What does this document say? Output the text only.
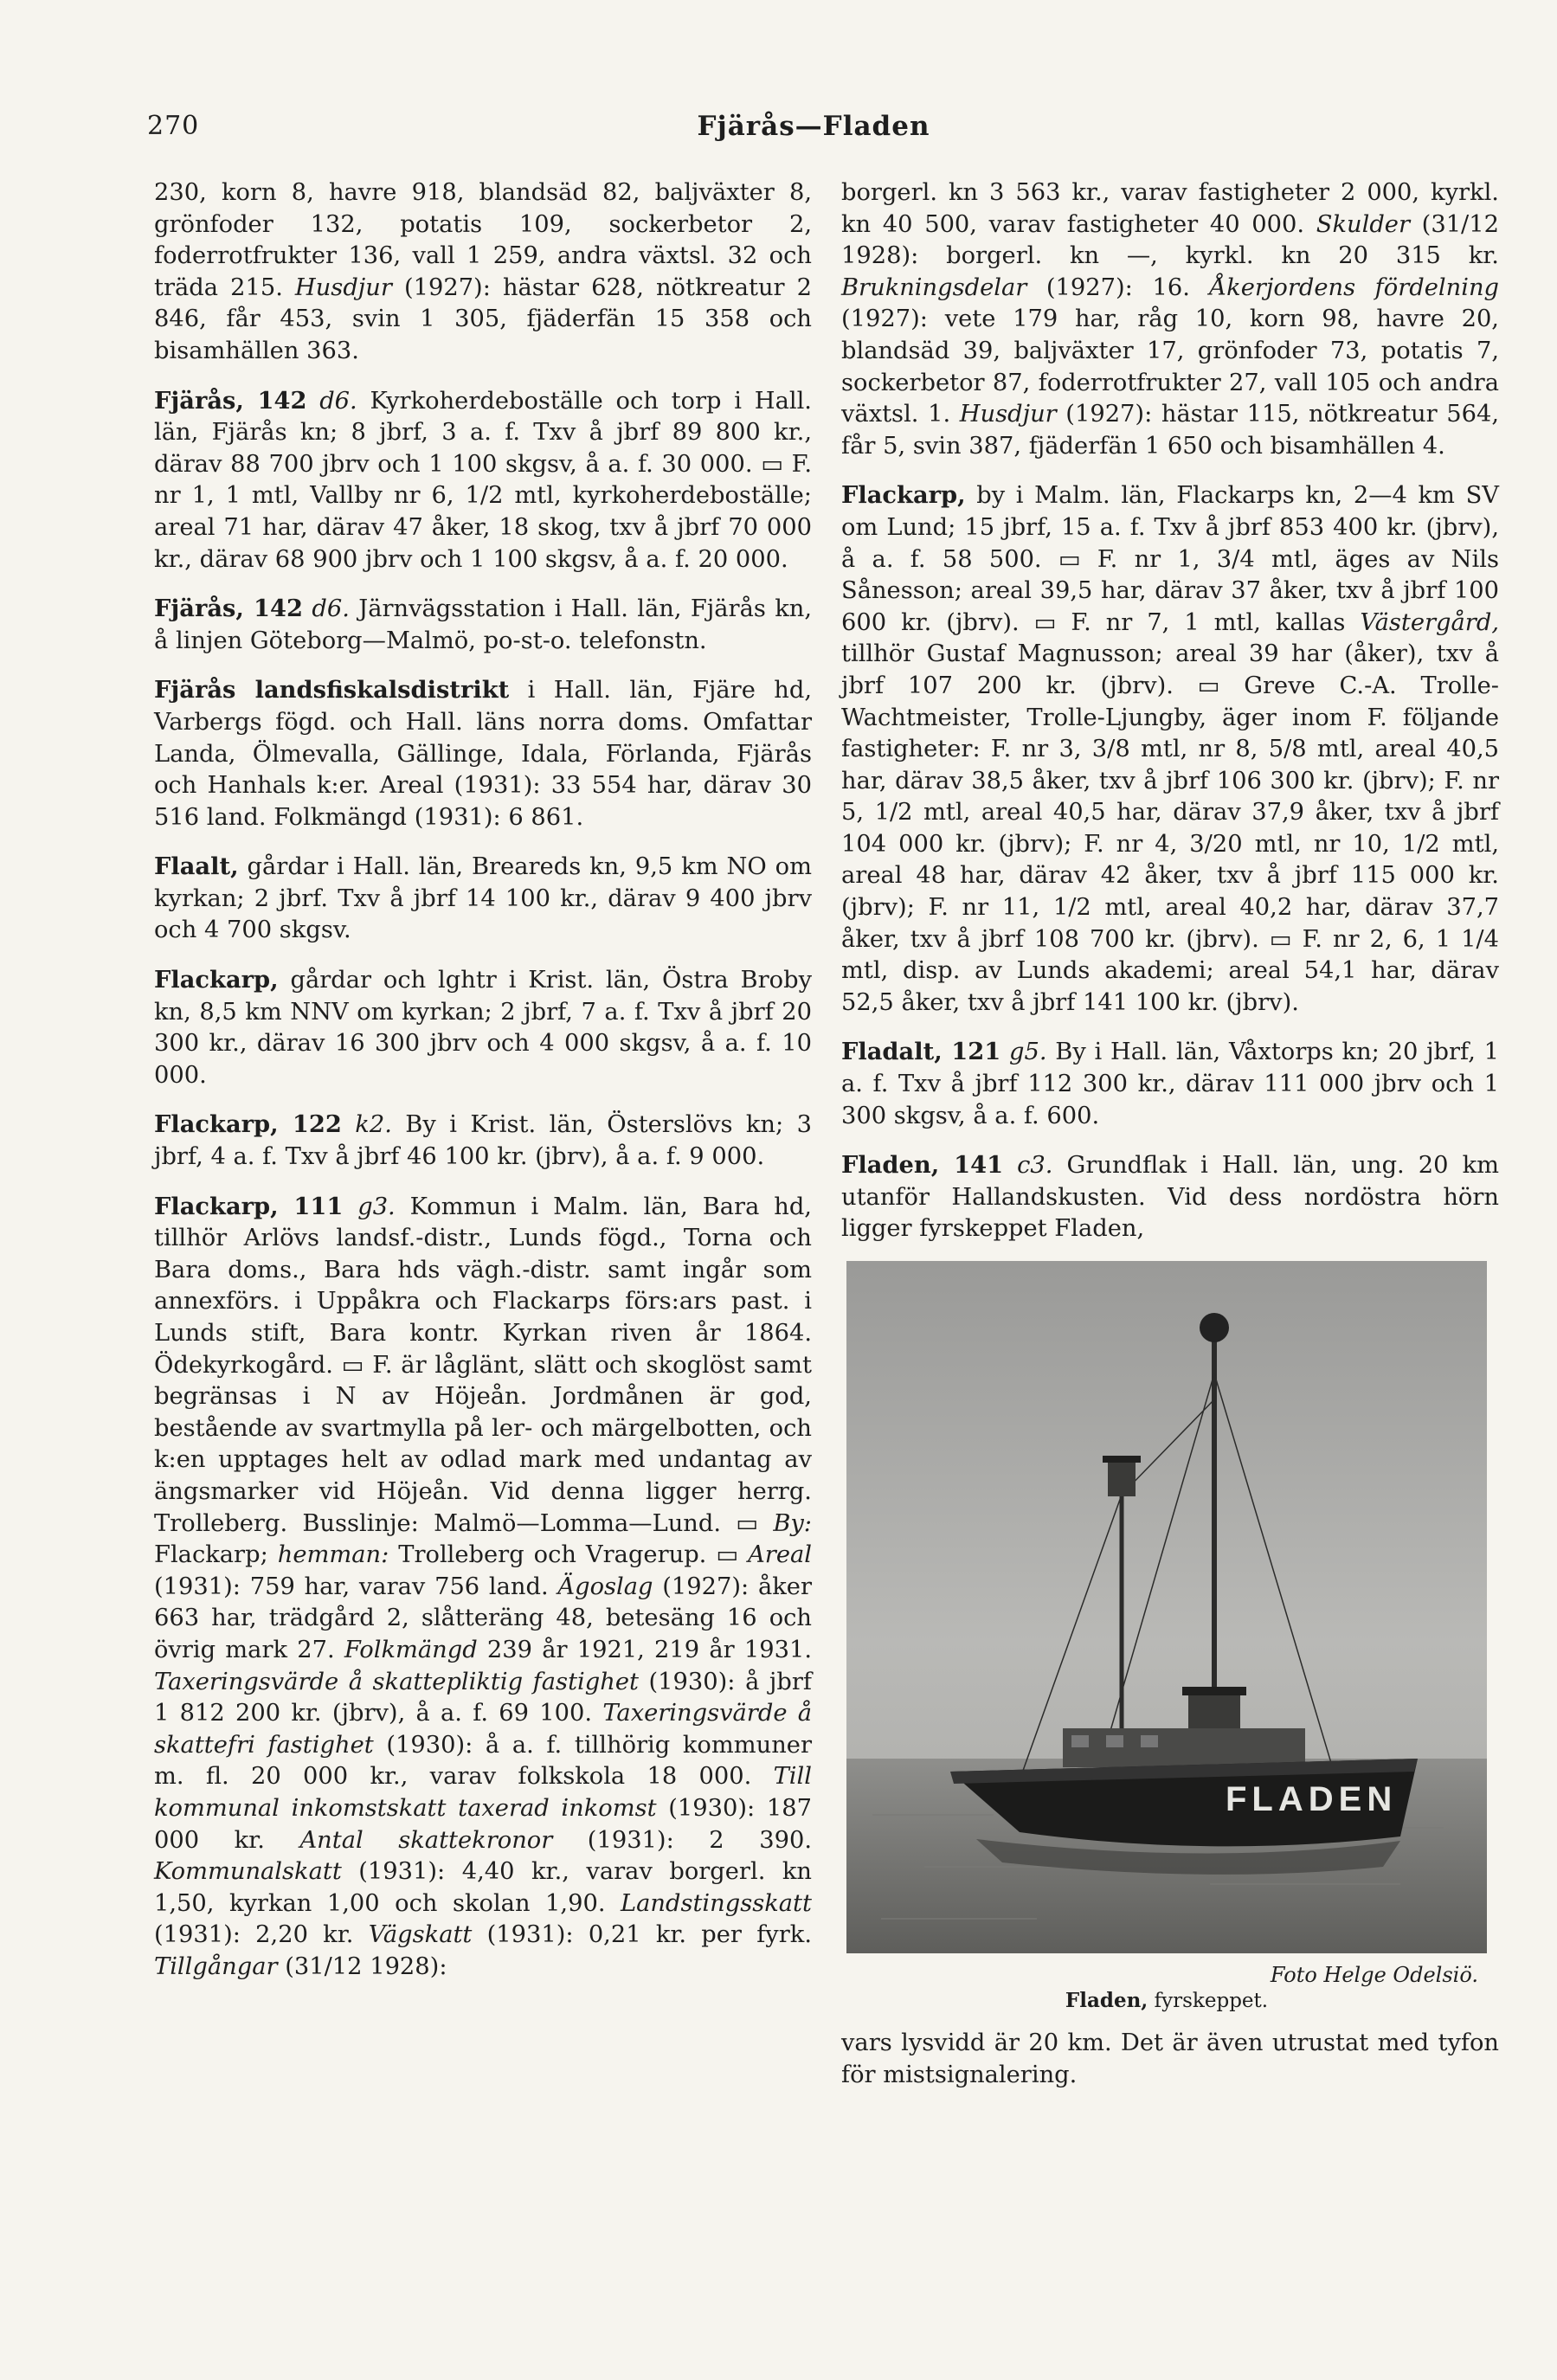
270	Fjärås—Fladen

230, korn 8, havre 918, blandsäd 82, baljväxter 8, grönfoder 132, potatis 109, sockerbetor 2, foderrotfrukter 136, vall 1 259, andra växtsl. 32 och träda 215. Husdjur (1927): hästar 628, nötkreatur 2 846, får 453, svin 1 305, fjäderfän 15 358 och bisamhällen 363.

Fjärås, 142 d6. Kyrkoherdeboställe och torp i Hall. län, Fjärås kn; 8 jbrf, 3 a. f. Txv å jbrf 89 800 kr., därav 88 700 jbrv och 1 100 skgsv, å a. f. 30 000. ▭ F. nr 1, 1 mtl, Vallby nr 6, 1/2 mtl, kyrkoherdeboställe; areal 71 har, därav 47 åker, 18 skog, txv å jbrf 70 000 kr., därav 68 900 jbrv och 1 100 skgsv, å a. f. 20 000.

Fjärås, 142 d6. Järnvägsstation i Hall. län, Fjärås kn, å linjen Göteborg—Malmö, po-st-o. telefonstn.

Fjärås landsfiskalsdistrikt i Hall. län, Fjäre hd, Varbergs fögd. och Hall. läns norra doms. Omfattar Landa, Ölmevalla, Gällinge, Idala, Förlanda, Fjärås och Hanhals k:er. Areal (1931): 33 554 har, därav 30 516 land. Folkmängd (1931): 6 861.

Flaalt, gårdar i Hall. län, Breareds kn, 9,5 km NO om kyrkan; 2 jbrf. Txv å jbrf 14 100 kr., därav 9 400 jbrv och 4 700 skgsv.

Flackarp, gårdar och lghtr i Krist. län, Östra Broby kn, 8,5 km NNV om kyrkan; 2 jbrf, 7 a. f. Txv å jbrf 20 300 kr., därav 16 300 jbrv och 4 000 skgsv, å a. f. 10 000.

Flackarp, 122 k2. By i Krist. län, Österslövs kn; 3 jbrf, 4 a. f. Txv å jbrf 46 100 kr. (jbrv), å a. f. 9 000.

Flackarp, 111 g3. Kommun i Malm. län, Bara hd, tillhör Arlövs landsf.-distr., Lunds fögd., Torna och Bara doms., Bara hds vägh.-distr. samt ingår som annexförs. i Uppåkra och Flackarps förs:ars past. i Lunds stift, Bara kontr. Kyrkan riven år 1864. Ödekyrkogård. ▭ F. är låglänt, slätt och skoglöst samt begränsas i N av Höjeån. Jordmånen är god, bestående av svartmylla på ler- och märgelbotten, och k:en upptages helt av odlad mark med undantag av ängsmarker vid Höjeån. Vid denna ligger herrg. Trolleberg. Busslinje: Malmö—Lomma—Lund. ▭ By: Flackarp; hemman: Trolleberg och Vragerup. ▭ Areal (1931): 759 har, varav 756 land. Ägoslag (1927): åker 663 har, trädgård 2, slåtteräng 48, betesäng 16 och övrig mark 27. Folkmängd 239 år 1921, 219 år 1931. Taxeringsvärde å skattepliktig fastighet (1930): å jbrf 1 812 200 kr. (jbrv), å a. f. 69 100. Taxeringsvärde å skattefri fastighet (1930): å a. f. tillhörig kommuner m. fl. 20 000 kr., varav folkskola 18 000. Till kommunal inkomstskatt taxerad inkomst (1930): 187 000 kr. Antal skattekronor (1931): 2 390. Kommunalskatt (1931): 4,40 kr., varav borgerl. kn 1,50, kyrkan 1,00 och skolan 1,90. Landstingsskatt (1931): 2,20 kr. Vägskatt (1931): 0,21 kr. per fyrk. Tillgångar (31/12 1928):

borgerl. kn 3 563 kr., varav fastigheter 2 000, kyrkl. kn 40 500, varav fastigheter 40 000. Skulder (31/12 1928): borgerl. kn —, kyrkl. kn 20 315 kr. Brukningsdelar (1927): 16. Åkerjordens fördelning (1927): vete 179 har, råg 10, korn 98, havre 20, blandsäd 39, baljväxter 17, grönfoder 73, potatis 7, sockerbetor 87, foderrotfrukter 27, vall 105 och andra växtsl. 1. Husdjur (1927): hästar 115, nötkreatur 564, får 5, svin 387, fjäderfän 1 650 och bisamhällen 4.

Flackarp, by i Malm. län, Flackarps kn, 2—4 km SV om Lund; 15 jbrf, 15 a. f. Txv å jbrf 853 400 kr. (jbrv), å a. f. 58 500. ▭ F. nr 1, 3/4 mtl, äges av Nils Sånesson; areal 39,5 har, därav 37 åker, txv å jbrf 100 600 kr. (jbrv). ▭ F. nr 7, 1 mtl, kallas Västergård, tillhör Gustaf Magnusson; areal 39 har (åker), txv å jbrf 107 200 kr. (jbrv). ▭ Greve C.-A. Trolle-Wachtmeister, Trolle-Ljungby, äger inom F. följande fastigheter: F. nr 3, 3/8 mtl, nr 8, 5/8 mtl, areal 40,5 har, därav 38,5 åker, txv å jbrf 106 300 kr. (jbrv); F. nr 5, 1/2 mtl, areal 40,5 har, därav 37,9 åker, txv å jbrf 104 000 kr. (jbrv); F. nr 4, 3/20 mtl, nr 10, 1/2 mtl, areal 48 har, därav 42 åker, txv å jbrf 115 000 kr. (jbrv); F. nr 11, 1/2 mtl, areal 40,2 har, därav 37,7 åker, txv å jbrf 108 700 kr. (jbrv). ▭ F. nr 2, 6, 1 1/4 mtl, disp. av Lunds akademi; areal 54,1 har, därav 52,5 åker, txv å jbrf 141 100 kr. (jbrv).

Fladalt, 121 g5. By i Hall. län, Våxtorps kn; 20 jbrf, 1 a. f. Txv å jbrf 112 300 kr., därav 111 000 jbrv och 1 300 skgsv, å a. f. 600.

Fladen, 141 c3. Grundflak i Hall. län, ung. 20 km utanför Hallandskusten. Vid dess nordöstra hörn ligger fyrskeppet Fladen,

FLADEN
Foto Helge Odelsiö.
Fladen, fyrskeppet.

vars lysvidd är 20 km. Det är även utrustat med tyfon för mistsignalering.
